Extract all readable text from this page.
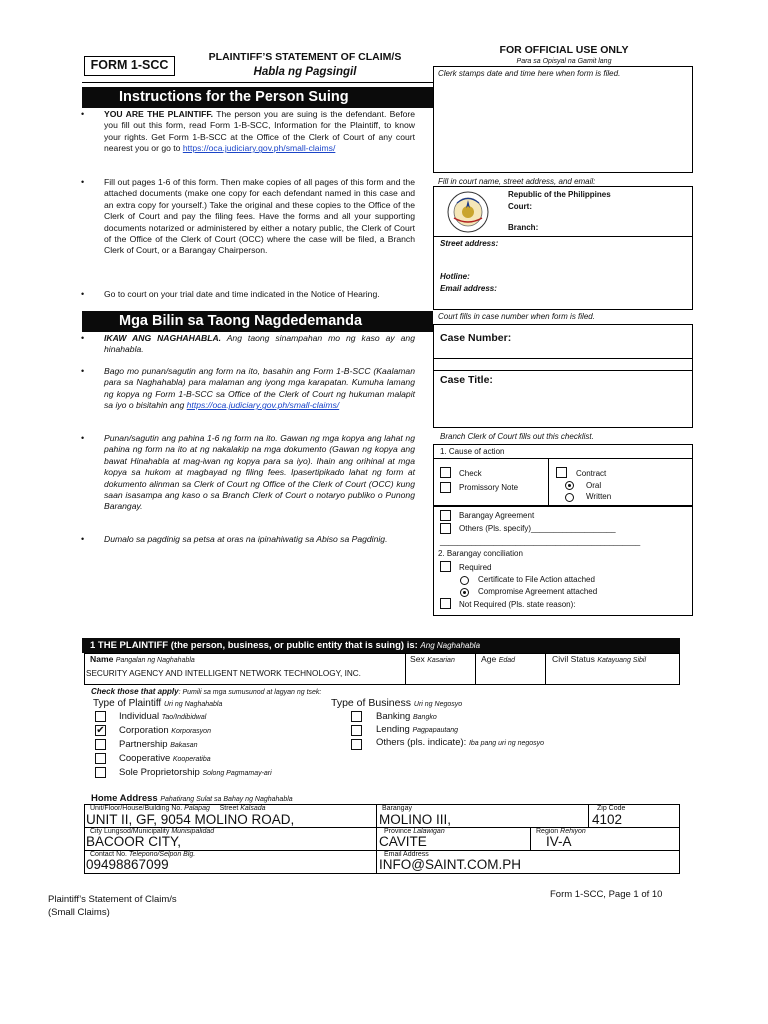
FORM 1-SCC
PLAINTIFF’S STATEMENT OF CLAIM/S
Habla ng Pagsingil
FOR OFFICIAL USE ONLY
Para sa Opisyal na Gamit lang
Clerk stamps date and time here when form is filed.
Fill in court name, street address, and email:
Republic of the Philippines
Court:
Branch:
Street address:
Hotline:
Email address:
Court fills in case number when form is filed.
Case Number:
Case Title:
Branch Clerk of Court fills out this checklist.
1. Cause of action
Check
Promissory Note
Contract
Oral
Written
Barangay Agreement
Others (Pls. specify)___________________
_____________________________________________
2. Barangay conciliation
Required
Certificate to File Action attached
Compromise Agreement attached
Not Required (Pls. state reason):
Instructions for the Person Suing
• YOU ARE THE PLAINTIFF. The person you are suing is the defendant. Before you fill out this form, read Form 1-B-SCC, Information for the Plaintiff, to know your rights. Get Form 1-B-SCC at the Office of the Clerk of Court of any court nearest you or go to https://oca.judiciary.gov.ph/small-claims/
• Fill out pages 1-6 of this form. Then make copies of all pages of this form and the attached documents (make one copy for each defendant named in this case and an extra copy for yourself.) Take the original and these copies to the Office of the Clerk of Court and pay the filing fees. Have the forms and all your supporting documents notarized or administered by either a notary public, the Clerk of Court of the Office of the Clerk of Court (OCC) where the case will be filed, a Branch Clerk of Court, or a Barangay Chairperson.
• Go to court on your trial date and time indicated in the Notice of Hearing.
Mga Bilin sa Taong Nagdedemanda
• IKAW ANG NAGHAHABLA. Ang taong sinampahan mo ng kaso ay ang hinahabla.
• Bago mo punan/sagutin ang form na ito, basahin ang Form 1-B-SCC (Kaalaman para sa Naghahabla) para malaman ang iyong mga karapatan. Kumuha lamang ng kopya ng Form 1-B-SCC sa Office of the Clerk of Court ng hukuman malapit sa iyo o bisitahin ang https://oca.judiciary.gov.ph/small-claims/
• Punan/sagutin ang pahina 1-6 ng form na ito. Gawan ng mga kopya ang lahat ng pahina ng form na ito at ng nakalakip na mga dokumento (Gawan ng kopya ang bawat Hinahabla at mag-iwan ng kopya para sa iyo). Ihain ang orihinal at mga kopya sa hukom at magbayad ng filing fees. Ipasertipikado lahat ng form at dokumento alinman sa Clerk of Court ng Office of the Clerk of Court (OCC) kung saan isasampa ang kaso o sa Branch Clerk of Court o notaryo publiko o Punong Barangay.
• Dumalo sa pagdinig sa petsa at oras na ipinahiwatig sa Abiso sa Pagdinig.
1 THE PLAINTIFF (the person, business, or public entity that is suing) is: Ang Naghahabla
Name Pangalan ng Naghahabla
SECURITY AGENCY AND INTELLIGENT NETWORK TECHNOLOGY, INC.
Sex Kasarian	Age Edad	Civil Status Katayuang Sibil
Check those that apply: Pumili sa mga sumusunod at lagyan ng tsek:
Type of Plaintiff Uri ng Naghahabla	Type of Business Uri ng Negosyo
Individual Tao/Indibidwal
✔ Corporation Korporasyon
Partnership Bakasan
Cooperative Kooperatiba
Sole Proprietorship Solong Pagmamay-ari
Banking Bangko
Lending Pagpapautang
Others (pls. indicate): Iba pang uri ng negosyo
Home Address Pahatirang Sulat sa Bahay ng Naghahabla
Unit/Floor/House/Building No. Palapag Street Kalsada
UNIT II, GF, 9054 MOLINO ROAD,
Barangay
MOLINO III,
Zip Code
4102
City Lungsod/Municipality Munisipalidad
BACOOR CITY,
Province Lalawigan
CAVITE
Region Rehiyon
IV-A
Contact No. Telepono/Selpon Blg.
09498867099
Email Address
INFO@SAINT.COM.PH
Plaintiff’s Statement of Claim/s
(Small Claims)
Form 1-SCC, Page 1 of 10
